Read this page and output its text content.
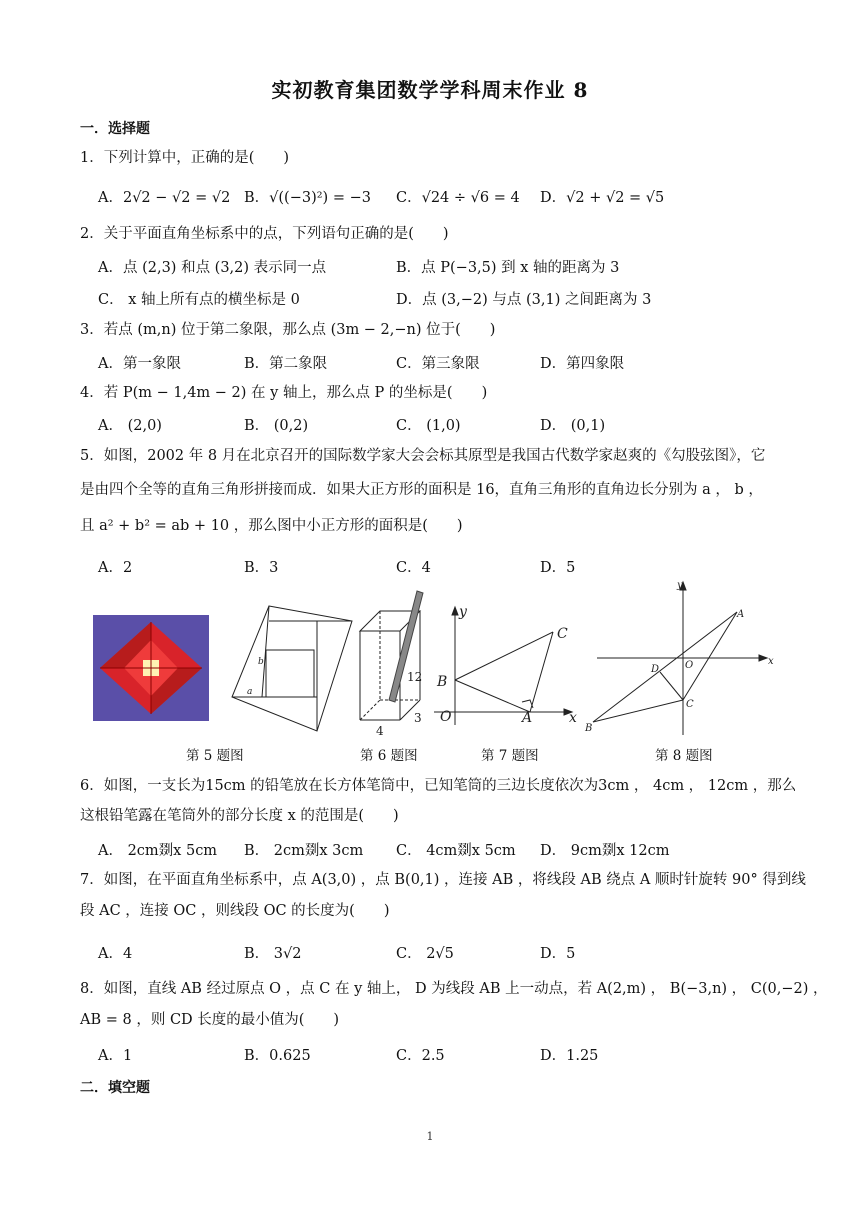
实初教育集团数学学科周末作业 8
一．选择题
1．下列计算中，正确的是(　　)
A．2√2 − √2 = √2 B．√((−3)²) = −3 C．√24 ÷ √6 = 4 D．√2 + √2 = √5
2．关于平面直角坐标系中的点，下列语句正确的是(　　)
A．点 (2,3) 和点 (3,2) 表示同一点	B．点 P(−3,5) 到 x 轴的距离为 3
C． x 轴上所有点的横坐标是 0	D．点 (3,−2) 与点 (3,1) 之间距离为 3
3．若点 (m,n) 位于第二象限，那么点 (3m − 2,−n) 位于(　　)
A．第一象限	B．第二象限	C．第三象限	D．第四象限
4．若 P(m − 1,4m − 2) 在 y 轴上，那么点 P 的坐标是(　　)
A． (2,0)	B． (0,2)	C． (1,0)	D． (0,1)
5．如图，2002 年 8 月在北京召开的国际数学家大会会标其原型是我国古代数学家赵爽的《勾股弦图》，它
是由四个全等的直角三角形拼接而成．如果大正方形的面积是 16，直角三角形的直角边长分别为 a ， b ，
且 a² + b² = ab + 10 ，那么图中小正方形的面积是(　　)
A．2	B．3	C．4	D．5
b
a
12
4
3
y
x
C
B
O	A
y
x
A
D	O
C
B
第 5 题图	第 6 题图	第 7 题图	第 8 题图
6．如图，一支长为15cm 的铅笔放在长方体笔筒中，已知笔筒的三边长度依次为3cm ， 4cm ， 12cm ，那么
这根铅笔露在笔筒外的部分长度 x 的范围是(　　)
A． 2cm剟x 5cm B． 2cm剟x 3cm C． 4cm剟x 5cm D． 9cm剟x 12cm
7．如图，在平面直角坐标系中，点 A(3,0) ，点 B(0,1) ，连接 AB ，将线段 AB 绕点 A 顺时针旋转 90° 得到线
段 AC ，连接 OC ，则线段 OC 的长度为(　　)
A．4	B． 3√2	C． 2√5	D．5
8．如图，直线 AB 经过原点 O ，点 C 在 y 轴上， D 为线段 AB 上一动点，若 A(2,m) ， B(−3,n) ， C(0,−2) ，
AB = 8 ，则 CD 长度的最小值为(　　)
A．1	B．0.625	C．2.5	D．1.25
二．填空题
1
